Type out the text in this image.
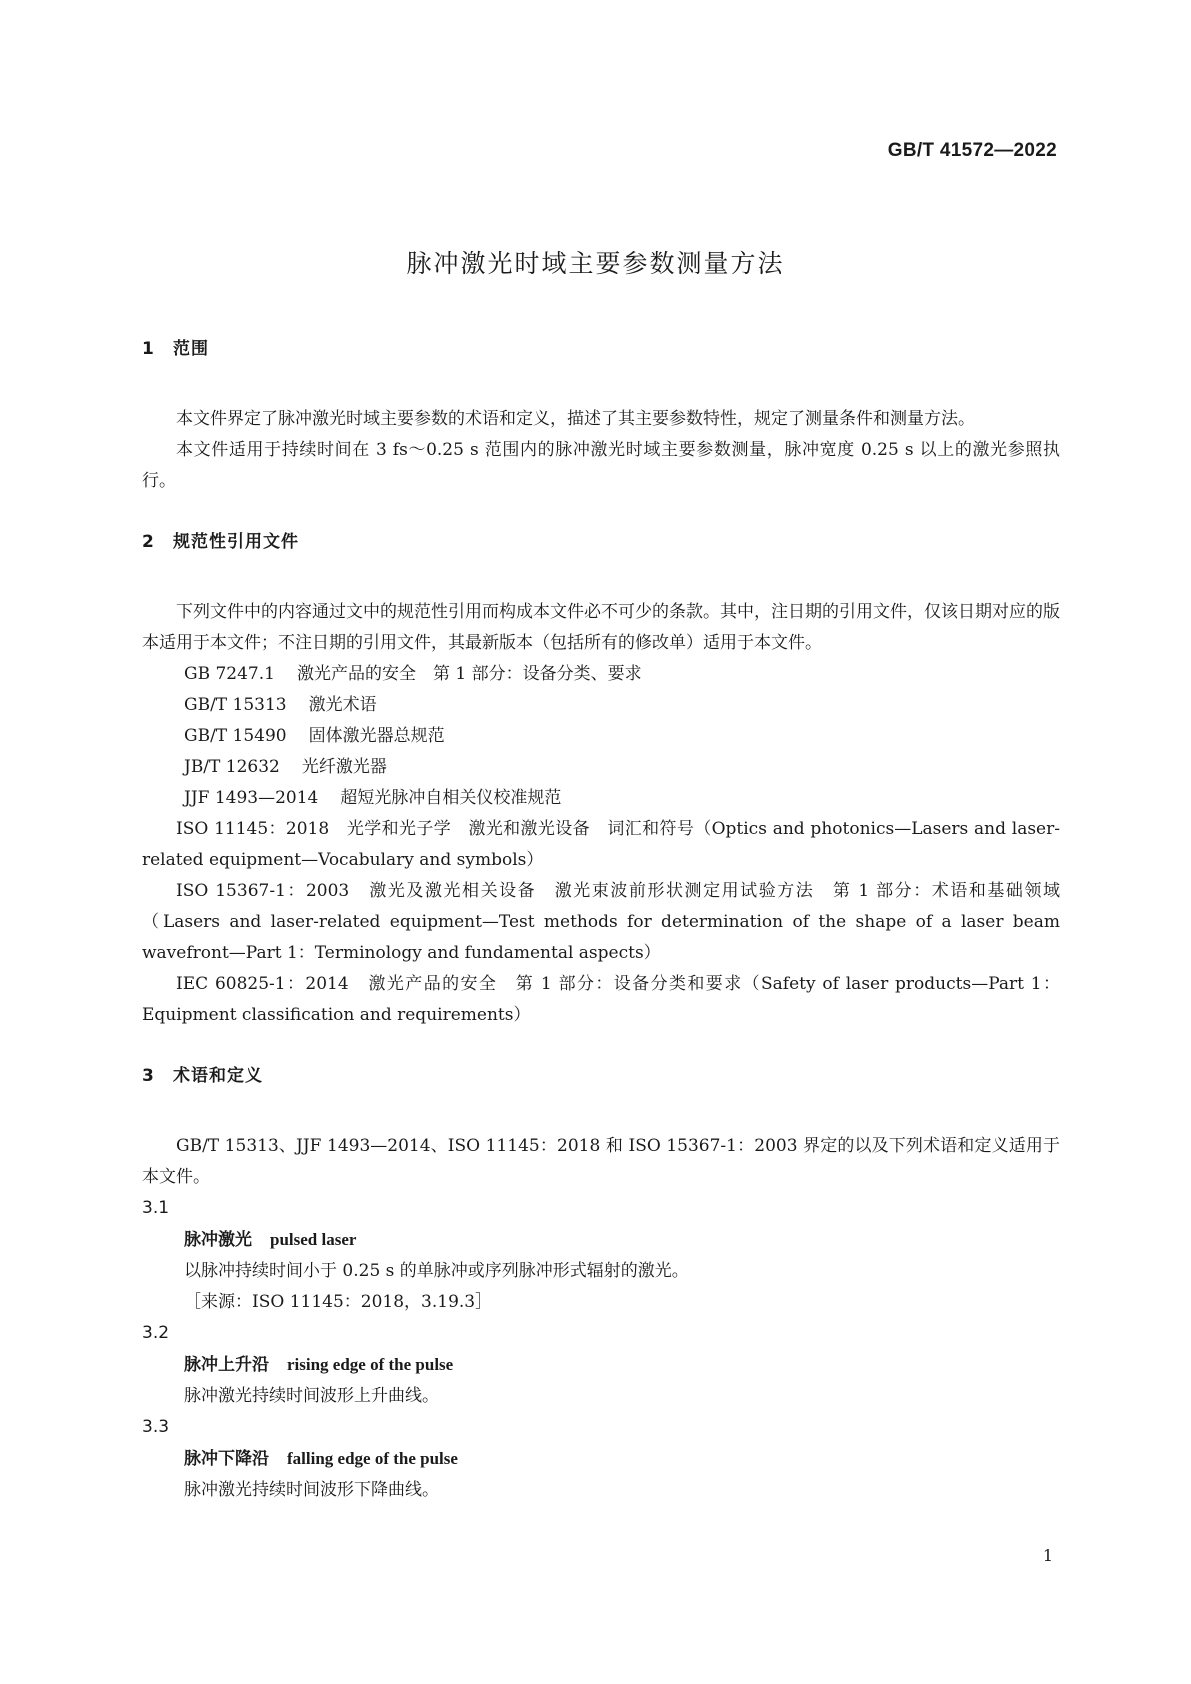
GB/T 41572—2022
脉冲激光时域主要参数测量方法
1 范围

本文件界定了脉冲激光时域主要参数的术语和定义，描述了其主要参数特性，规定了测量条件和测量方法。

本文件适用于持续时间在 3 fs～0.25 s 范围内的脉冲激光时域主要参数测量，脉冲宽度 0.25 s 以上的激光参照执行。

2 规范性引用文件

下列文件中的内容通过文中的规范性引用而构成本文件必不可少的条款。其中，注日期的引用文件，仅该日期对应的版本适用于本文件；不注日期的引用文件，其最新版本（包括所有的修改单）适用于本文件。

GB 7247.1 激光产品的安全　第 1 部分：设备分类、要求
GB/T 15313 激光术语
GB/T 15490 固体激光器总规范
JB/T 12632 光纤激光器
JJF 1493—2014 超短光脉冲自相关仪校准规范

ISO 11145：2018　光学和光子学　激光和激光设备　词汇和符号（Optics and photonics—Lasers and laser-related equipment—Vocabulary and symbols）

ISO 15367-1：2003　激光及激光相关设备　激光束波前形状测定用试验方法　第 1 部分：术语和基础领域（Lasers and laser-related equipment—Test methods for determination of the shape of a laser beam wavefront—Part 1：Terminology and fundamental aspects）

IEC 60825-1：2014　激光产品的安全　第 1 部分：设备分类和要求（Safety of laser products—Part 1：Equipment classification and requirements）

3 术语和定义

GB/T 15313、JJF 1493—2014、ISO 11145：2018 和 ISO 15367-1：2003 界定的以及下列术语和定义适用于本文件。

3.1
脉冲激光 pulsed laser
以脉冲持续时间小于 0.25 s 的单脉冲或序列脉冲形式辐射的激光。
［来源：ISO 11145：2018，3.19.3］
3.2
脉冲上升沿 rising edge of the pulse
脉冲激光持续时间波形上升曲线。
3.3
脉冲下降沿 falling edge of the pulse
脉冲激光持续时间波形下降曲线。
1
